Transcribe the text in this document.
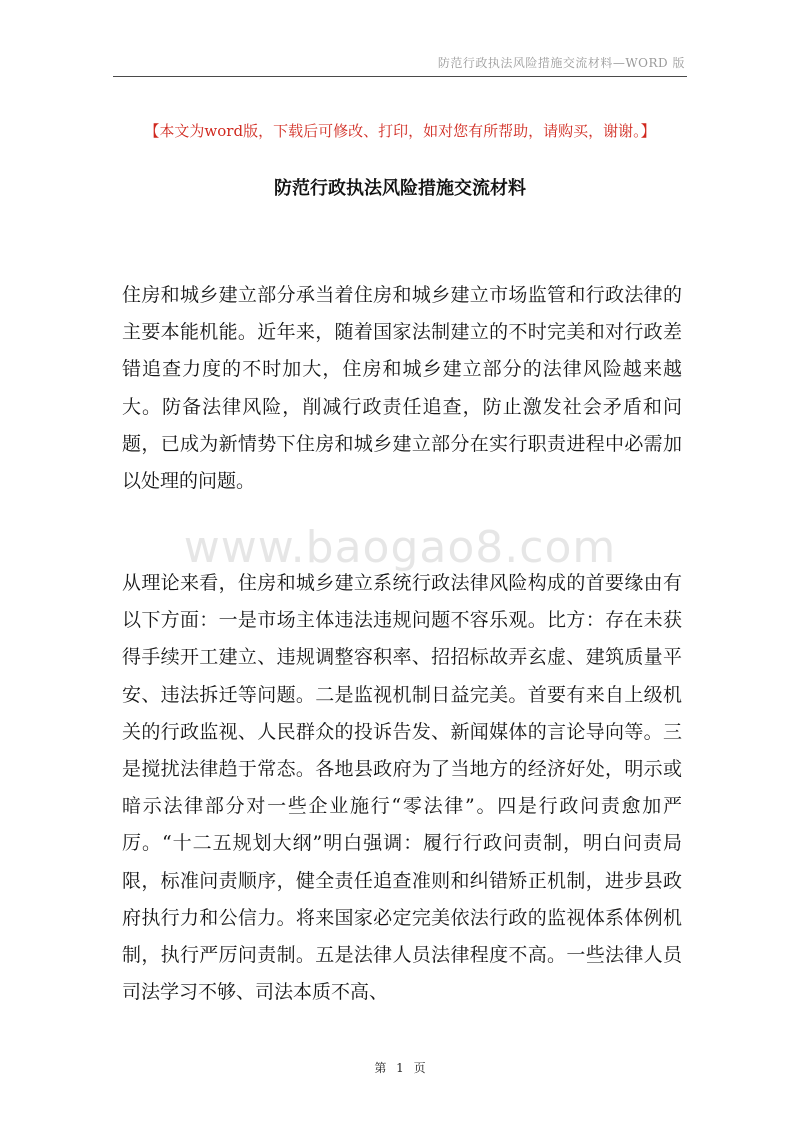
防范行政执法风险措施交流材料—WORD 版
【本文为word版，下载后可修改、打印，如对您有所帮助，请购买，谢谢。】
防范行政执法风险措施交流材料

住房和城乡建立部分承当着住房和城乡建立市场监管和行政法律的主要本能机能。近年来，随着国家法制建立的不时完美和对行政差错追查力度的不时加大，住房和城乡建立部分的法律风险越来越大。防备法律风险，削减行政责任追查，防止激发社会矛盾和问题，已成为新情势下住房和城乡建立部分在实行职责进程中必需加以处理的问题。

www.baogao8.com

从理论来看，住房和城乡建立系统行政法律风险构成的首要缘由有以下方面：一是市场主体违法违规问题不容乐观。比方：存在未获得手续开工建立、违规调整容积率、招招标故弄玄虚、建筑质量平安、违法拆迁等问题。二是监视机制日益完美。首要有来自上级机关的行政监视、人民群众的投诉告发、新闻媒体的言论导向等。三是搅扰法律趋于常态。各地县政府为了当地方的经济好处，明示或暗示法律部分对一些企业施行“零法律”。四是行政问责愈加严厉。“十二五规划大纲”明白强调：履行行政问责制，明白问责局限，标准问责顺序，健全责任追查准则和纠错矫正机制，进步县政府执行力和公信力。将来国家必定完美依法行政的监视体系体例机制，执行严厉问责制。五是法律人员法律程度不高。一些法律人员司法学习不够、司法本质不高、

第 1 页
